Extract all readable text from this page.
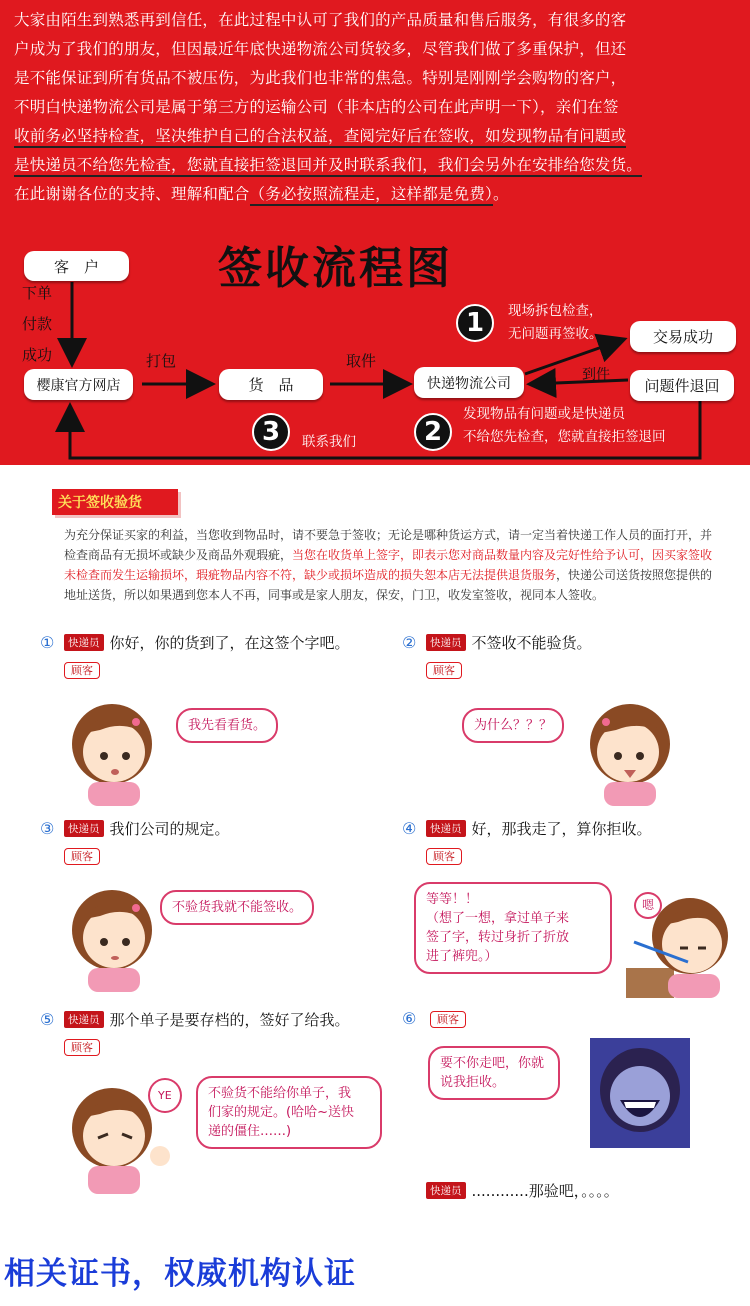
大家由陌生到熟悉再到信任，在此过程中认可了我们的产品质量和售后服务，有很多的客
户成为了我们的朋友，但因最近年底快递物流公司货较多，尽管我们做了多重保护，但还
是不能保证到所有货品不被压伤，为此我们也非常的焦急。特别是刚刚学会购物的客户，
不明白快递物流公司是属于第三方的运输公司（非本店的公司在此声明一下），亲们在签
收前务必坚持检查，坚决维护自己的合法权益，查阅完好后在签收，如发现物品有问题或
是快递员不给您先检查，您就直接拒签退回并及时联系我们，我们会另外在安排给您发货。
在此谢谢各位的支持、理解和配合（务必按照流程走，这样都是免费）。
签收流程图
客　户
下单
付款
成功
樱康官方网店
打包
货　品
取件
快递物流公司
1	现场拆包检查，
无问题再签收。	交易成功
到件
问题件退回
2
发现物品有问题或是快递员
不给您先检查，您就直接拒签退回
3	联系我们
关于签收验货
为充分保证买家的利益，当您收到物品时，请不要急于签收；无论是哪种货运方式，请一定当着快递工作人员的面打开，并检查商品有无损坏或缺少及商品外观瑕疵，当您在收货单上签字，即表示您对商品数量内容及完好性给予认可，因买家签收未检查而发生运输损坏，瑕疵物品内容不符，缺少或损坏造成的损失恕本店无法提供退货服务，快递公司送货按照您提供的地址送货，所以如果遇到您本人不再，同事或是家人朋友，保安，门卫，收发室签收，视同本人签收。
①	快递员 你好，你的货到了，在这签个字吧。
顾客
我先看看货。
②	快递员 不签收不能验货。
顾客
为什么？？？
③	快递员 我们公司的规定。
顾客
不验货我就不能签收。
④	快递员 好，那我走了，算你拒收。
顾客
等等！！
（想了一想，拿过单子来
签了字，转过身折了折放
进了裤兜。）
嗯
⑤	快递员 那个单子是要存档的，签好了给我。
顾客
YE	不验货不能给你单子，我
们家的规定。(哈哈~送快
递的僵住……)
⑥	顾客
要不你走吧，你就
说我拒收。
快递员 ............那验吧，。。。。
相关证书，权威机构认证
